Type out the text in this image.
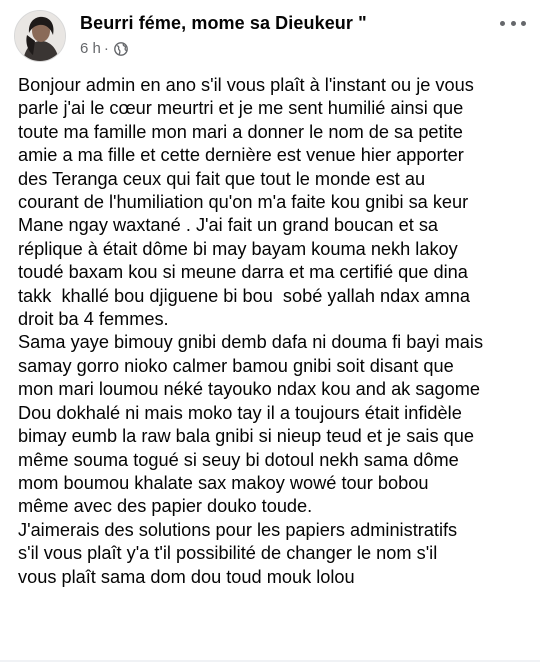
Beurri féme, mome sa Dieukeur "
6 h ·
Bonjour admin en ano s'il vous plaît à l'instant ou je vous
parle j'ai le cœur meurtri et je me sent humilié ainsi que
toute ma famille mon mari a donner le nom de sa petite
amie a ma fille et cette dernière est venue hier apporter
des Teranga ceux qui fait que tout le monde est au
courant de l'humiliation qu'on m'a faite kou gnibi sa keur
Mane ngay waxtané . J'ai fait un grand boucan et sa
réplique à était dôme bi may bayam kouma nekh lakoy
toudé baxam kou si meune darra et ma certifié que dina
takk  khallé bou djiguene bi bou  sobé yallah ndax amna
droit ba 4 femmes.
Sama yaye bimouy gnibi demb dafa ni douma fi bayi mais
samay gorro nioko calmer bamou gnibi soit disant que
mon mari loumou néké tayouko ndax kou and ak sagome
Dou dokhalé ni mais moko tay il a toujours était infidèle
bimay eumb la raw bala gnibi si nieup teud et je sais que
même souma togué si seuy bi dotoul nekh sama dôme
mom boumou khalate sax makoy wowé tour bobou
même avec des papier douko toude.
J'aimerais des solutions pour les papiers administratifs
s'il vous plaît y'a t'il possibilité de changer le nom s'il
vous plaît sama dom dou toud mouk lolou
